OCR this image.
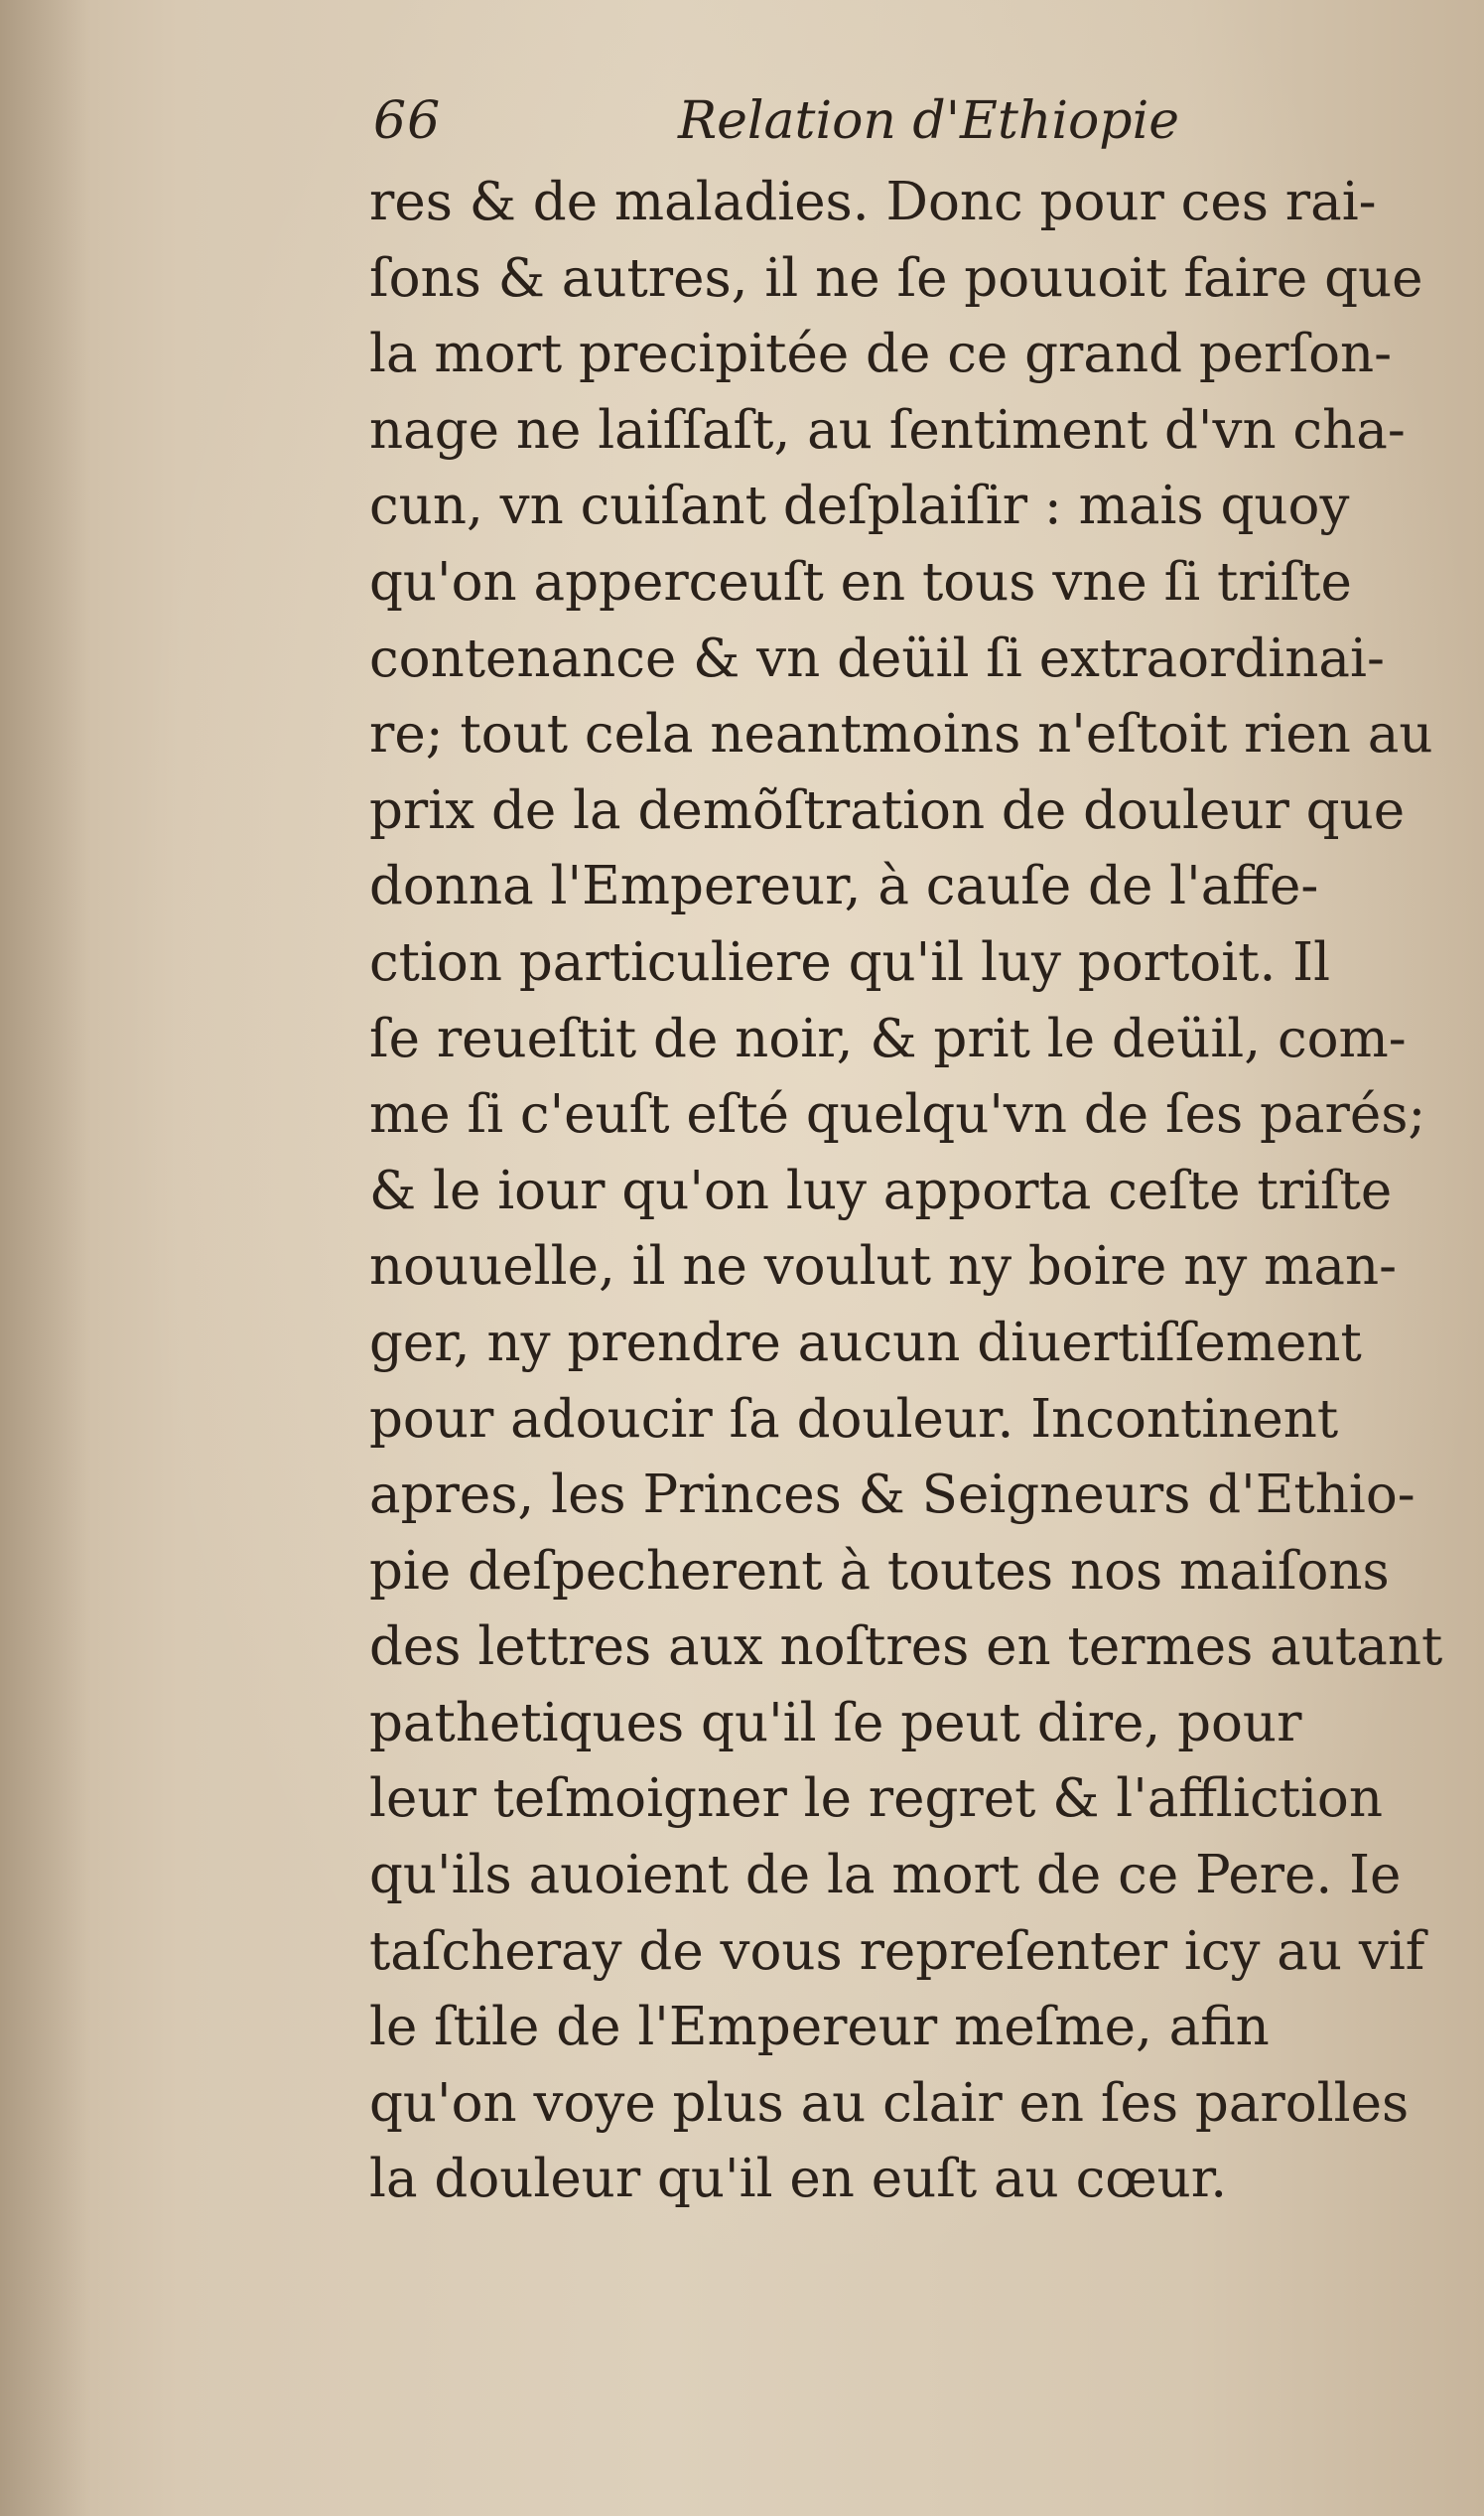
66	Relation d'Ethiopie
res & de maladies. Donc pour ces rai-
ſons & autres, il ne ſe pouuoit faire que
la mort precipitée de ce grand perſon-
nage ne laiſſaſt, au ſentiment d'vn cha-
cun, vn cuiſant deſplaiſir : mais quoy
qu'on apperceuſt en tous vne ſi triſte
contenance & vn deüil ſi extraordinai-
re; tout cela neantmoins n'eſtoit rien au
prix de la demõſtration de douleur que
donna l'Empereur, à cauſe de l'affe-
ction particuliere qu'il luy portoit. Il
ſe reueſtit de noir, & prit le deüil, com-
me ſi c'euſt eſté quelqu'vn de ſes parés;
& le iour qu'on luy apporta ceſte triſte
nouuelle, il ne voulut ny boire ny man-
ger, ny prendre aucun diuertiſſement
pour adoucir ſa douleur. Incontinent
apres, les Princes & Seigneurs d'Ethio-
pie deſpecherent à toutes nos maiſons
des lettres aux noſtres en termes autant
pathetiques qu'il ſe peut dire, pour
leur teſmoigner le regret & l'affliction
qu'ils auoient de la mort de ce Pere. Ie
taſcheray de vous repreſenter icy au vif
le ſtile de l'Empereur meſme, afin
qu'on voye plus au clair en ſes parolles
la douleur qu'il en euſt au cœur.
